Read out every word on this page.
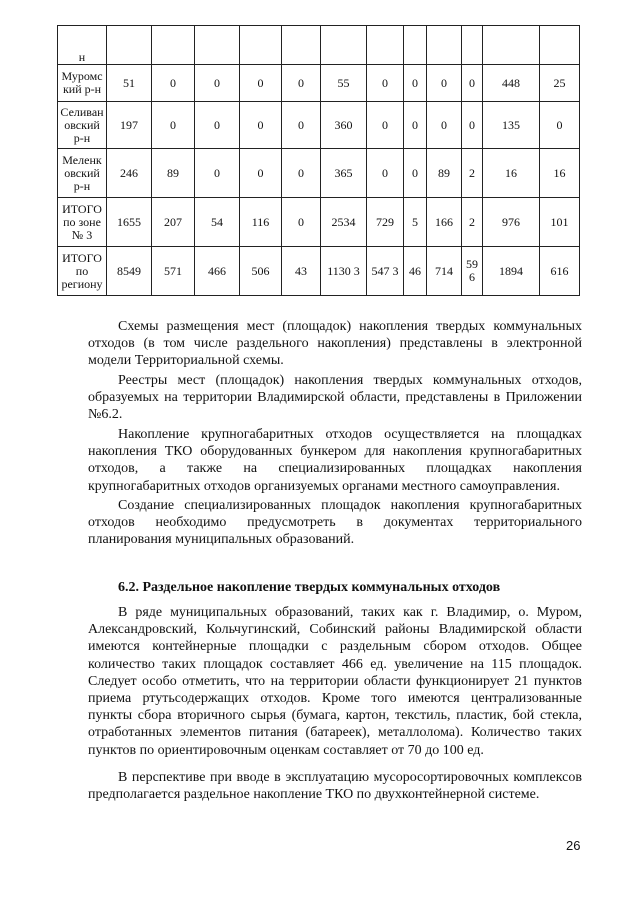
н												
Муромс кий р-н	51	0	0	0	0	55	0	0	0	0	448	25
Селиван овский р-н	197	0	0	0	0	360	0	0	0	0	135	0
Меленк овский р-н	246	89	0	0	0	365	0	0	89	2	16	16
ИТОГО по зоне № 3	1655	207	54	116	0	2534	729	5	166	2	976	101
ИТОГО по региону	8549	571	466	506	43	1130 3	547 3	46	714	59 6	1894	616

Схемы размещения мест (площадок) накопления твердых коммунальных отходов (в том числе раздельного накопления) представлены в электронной модели Территориальной схемы.

Реестры мест (площадок) накопления твердых коммунальных отходов, образуемых на территории Владимирской области, представлены в Приложении №6.2.

Накопление крупногабаритных отходов осуществляется на площадках накопления ТКО оборудованных бункером для накопления крупногабаритных отходов, а также на специализированных площадках накопления крупногабаритных отходов организуемых органами местного самоуправления.

Создание специализированных площадок накопления крупногабаритных отходов необходимо предусмотреть в документах территориального планирования муниципальных образований.

6.2. Раздельное накопление твердых коммунальных отходов

В ряде муниципальных образований, таких как г. Владимир, о. Муром, Александровский, Кольчугинский, Собинский районы Владимирской области имеются контейнерные площадки с раздельным сбором отходов. Общее количество таких площадок составляет 466 ед. увеличение на 115 площадок. Следует особо отметить, что на территории области функционирует 21 пунктов приема ртутьсодержащих отходов. Кроме того имеются централизованные пункты сбора вторичного сырья (бумага, картон, текстиль, пластик, бой стекла, отработанных элементов питания (батареек), металлолома). Количество таких пунктов по ориентировочным оценкам составляет от 70 до 100 ед.

В перспективе при вводе в эксплуатацию мусоросортировочных комплексов предполагается раздельное накопление ТКО по двухконтейнерной системе.

26
